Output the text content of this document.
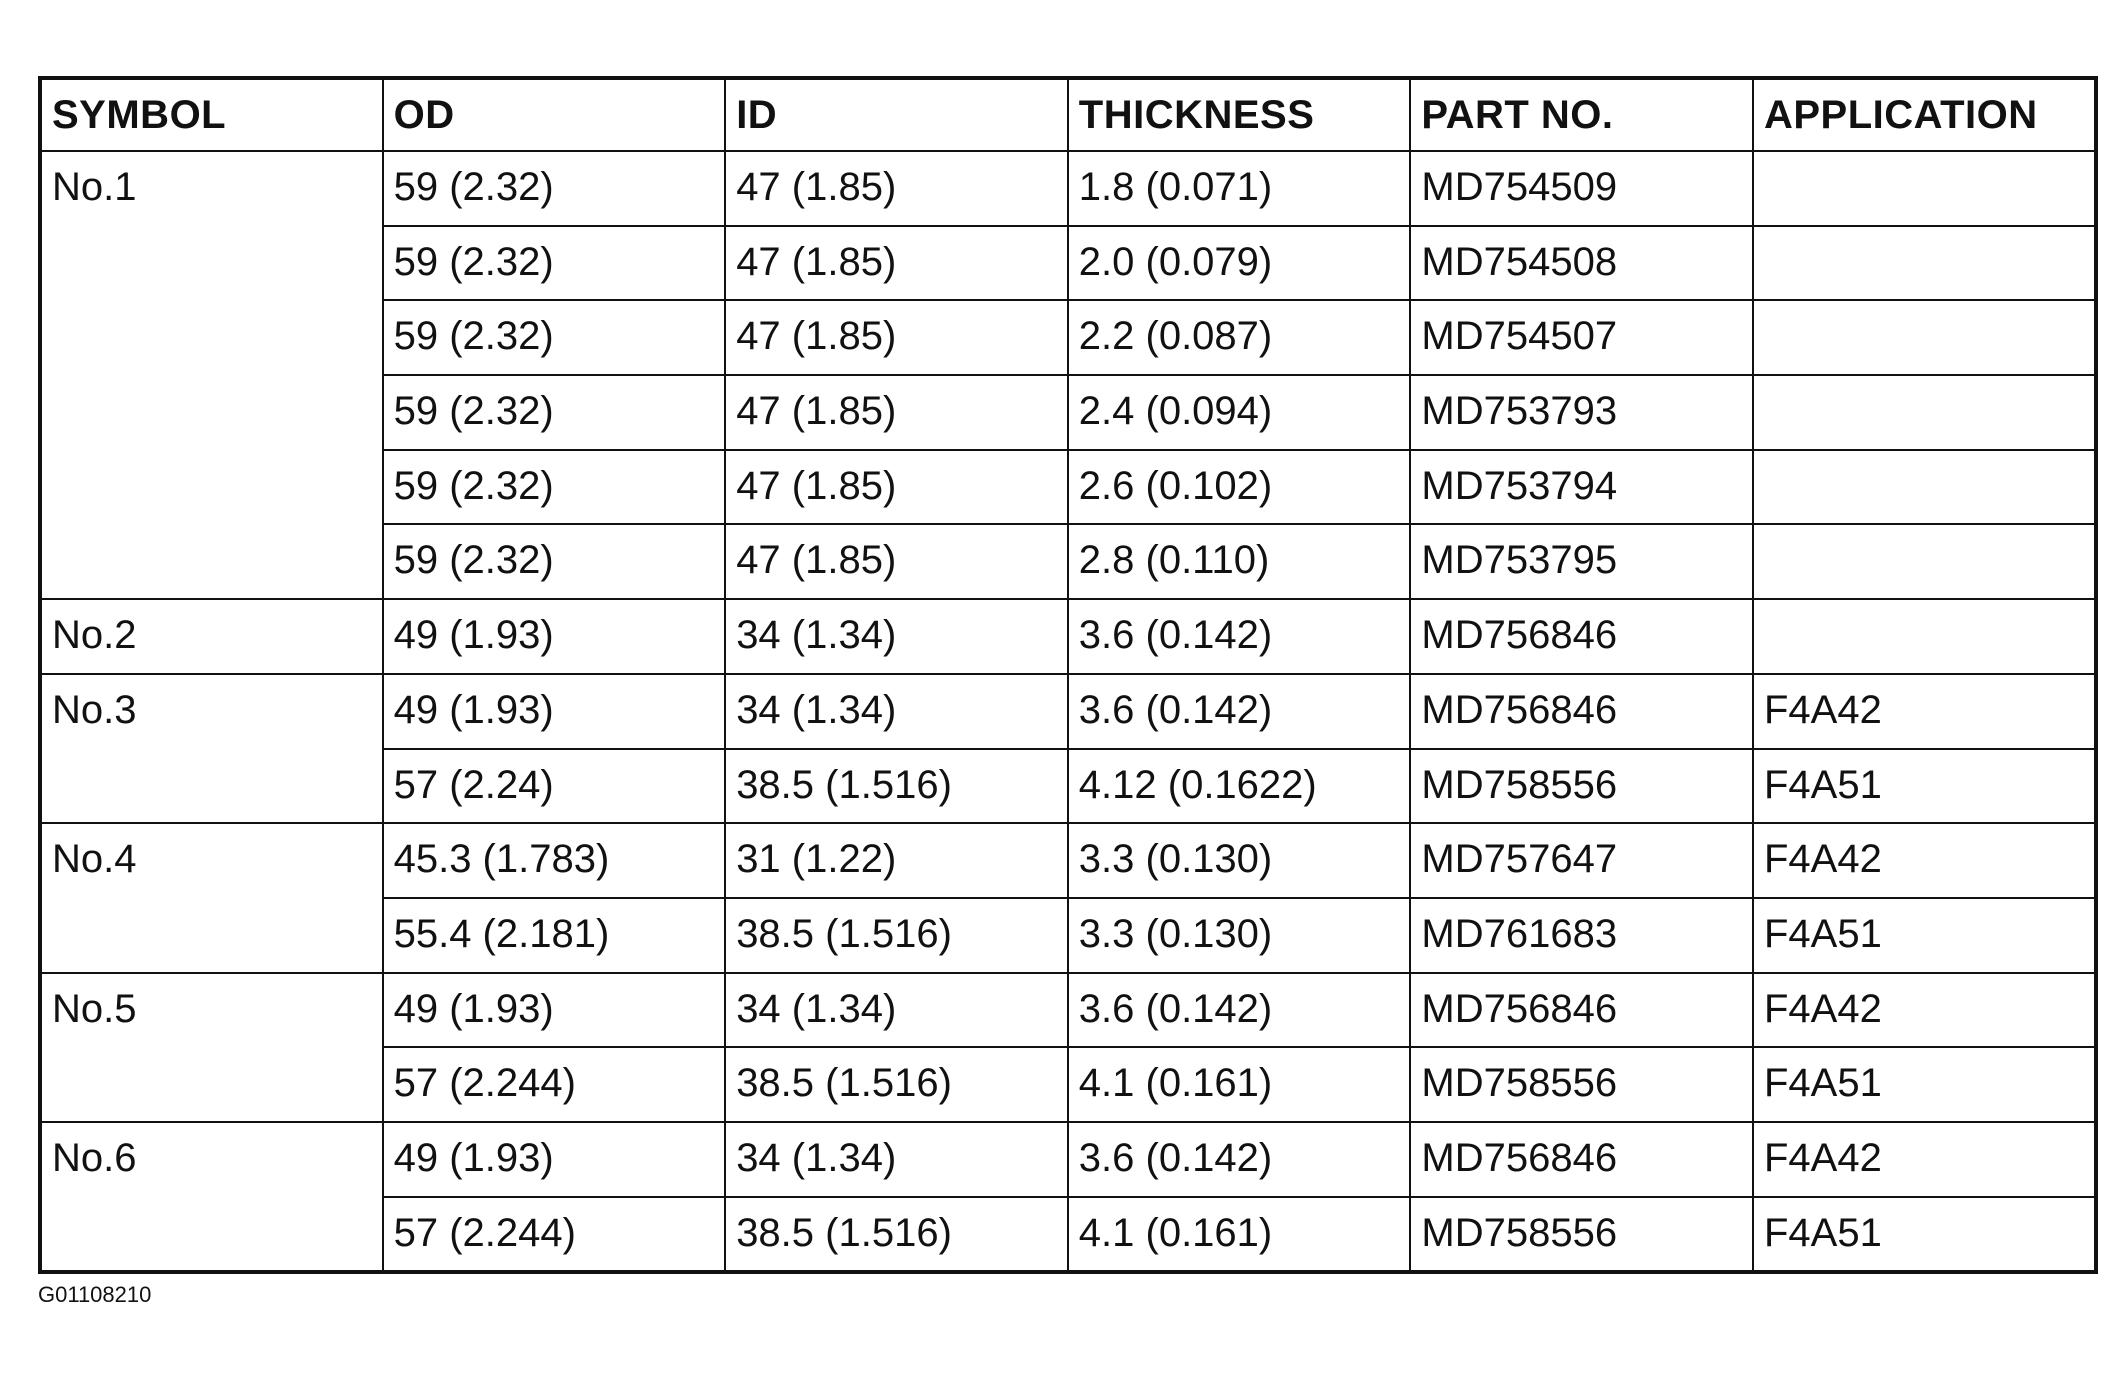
SYMBOL	OD	ID	THICKNESS	PART NO.	APPLICATION
No.1	59 (2.32)	47 (1.85)	1.8 (0.071)	MD754509	
	59 (2.32)	47 (1.85)	2.0 (0.079)	MD754508	
	59 (2.32)	47 (1.85)	2.2 (0.087)	MD754507	
	59 (2.32)	47 (1.85)	2.4 (0.094)	MD753793	
	59 (2.32)	47 (1.85)	2.6 (0.102)	MD753794	
	59 (2.32)	47 (1.85)	2.8 (0.110)	MD753795	
No.2	49 (1.93)	34 (1.34)	3.6 (0.142)	MD756846	
No.3	49 (1.93)	34 (1.34)	3.6 (0.142)	MD756846	F4A42
	57 (2.24)	38.5 (1.516)	4.12 (0.1622)	MD758556	F4A51
No.4	45.3 (1.783)	31 (1.22)	3.3 (0.130)	MD757647	F4A42
	55.4 (2.181)	38.5 (1.516)	3.3 (0.130)	MD761683	F4A51
No.5	49 (1.93)	34 (1.34)	3.6 (0.142)	MD756846	F4A42
	57 (2.244)	38.5 (1.516)	4.1 (0.161)	MD758556	F4A51
No.6	49 (1.93)	34 (1.34)	3.6 (0.142)	MD756846	F4A42
	57 (2.244)	38.5 (1.516)	4.1 (0.161)	MD758556	F4A51
G01108210
